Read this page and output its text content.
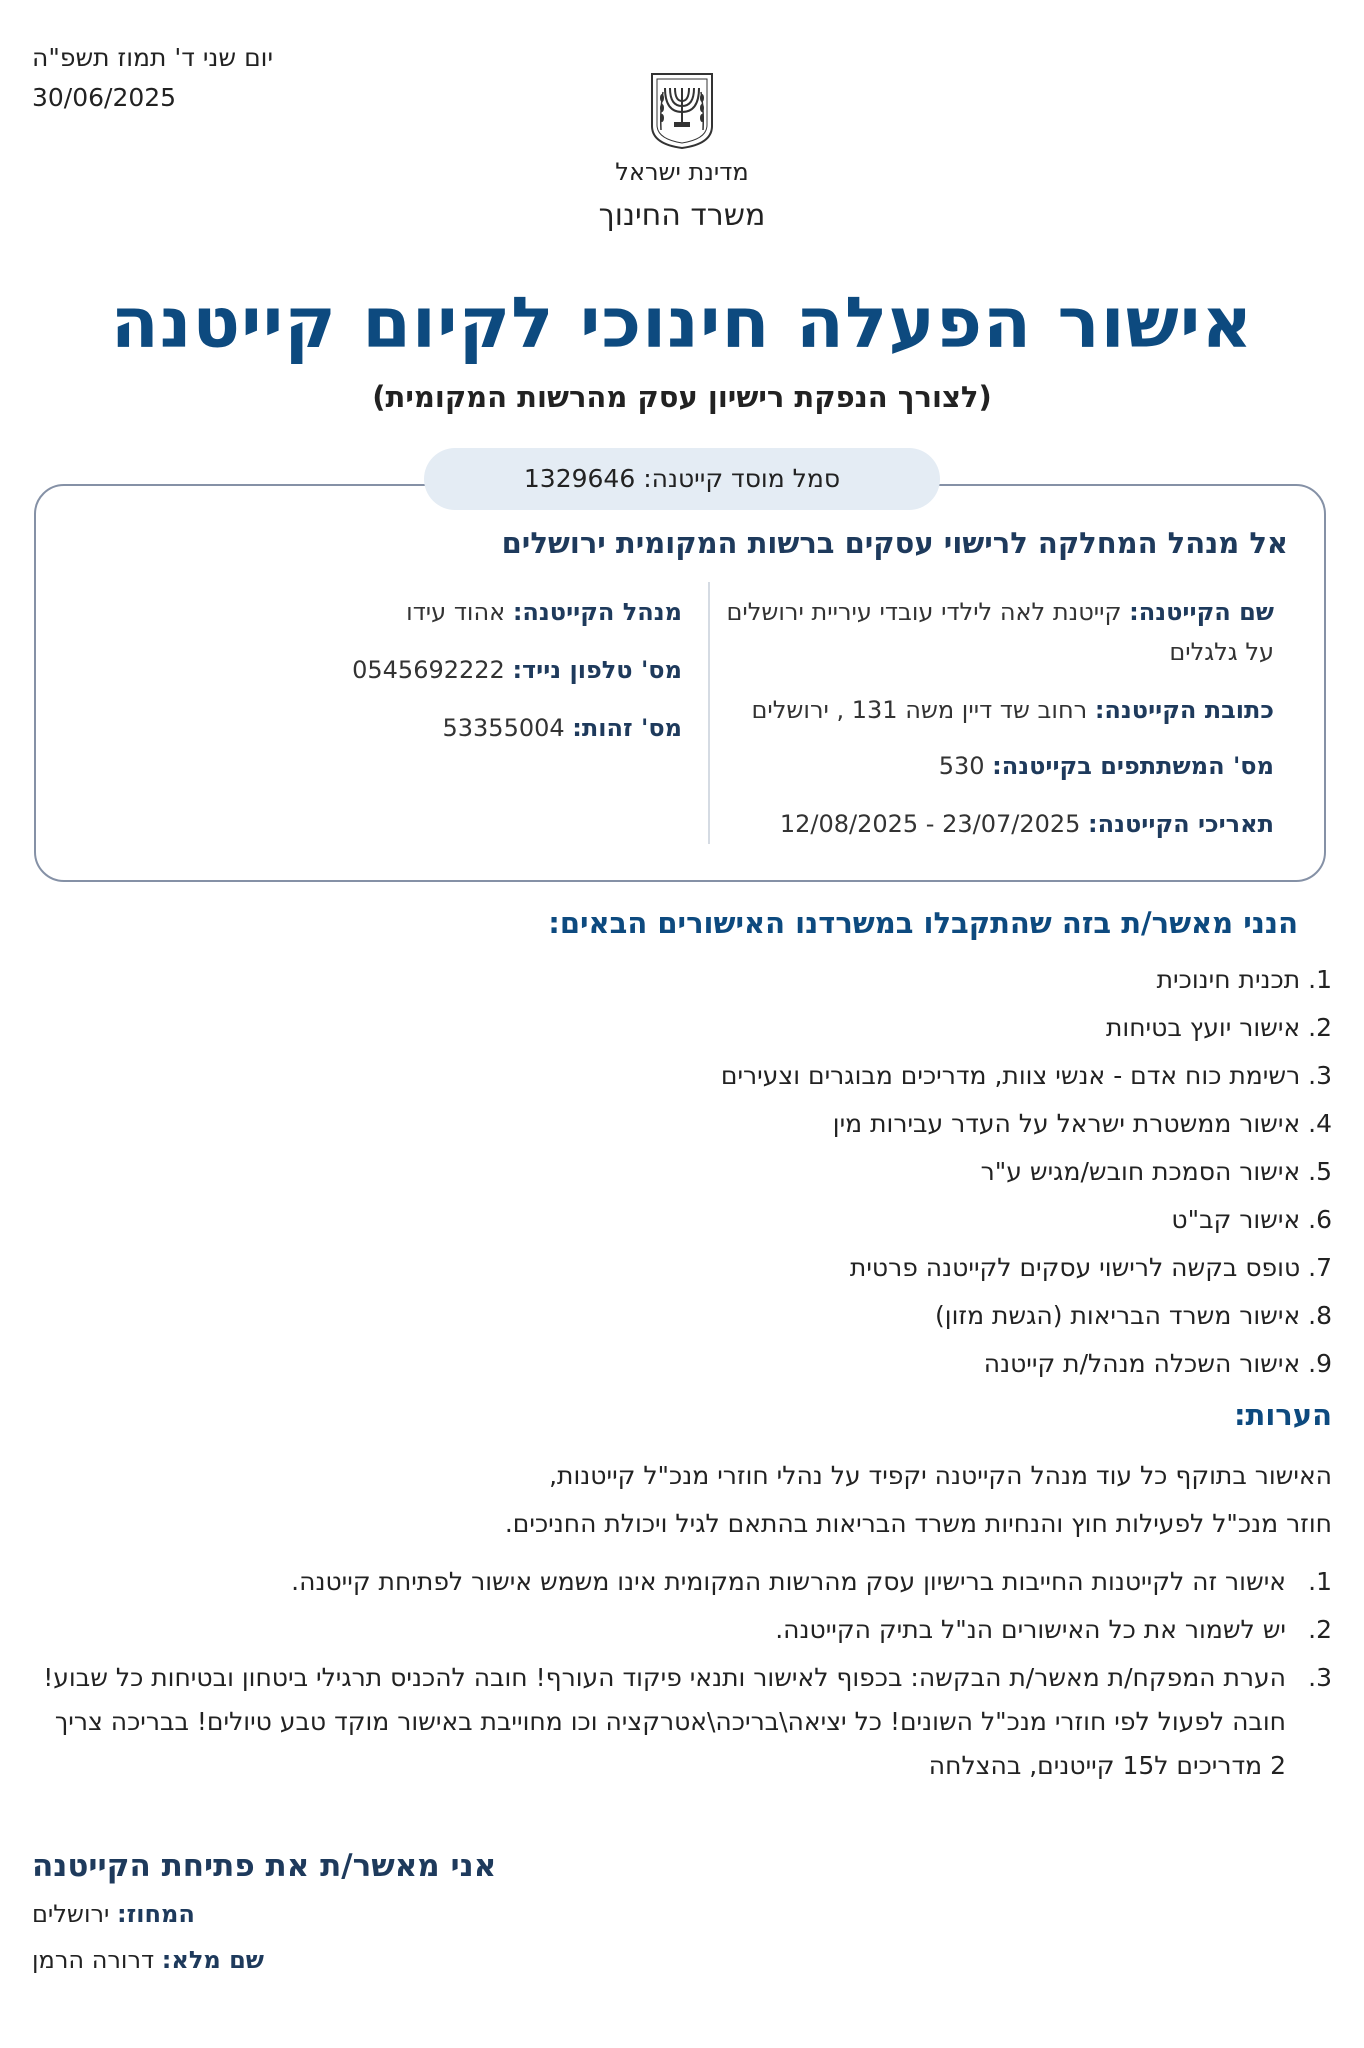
יום שני ד' תמוז תשפ"ה
30/06/2025
מדינת ישראל
משרד החינוך
אישור הפעלה חינוכי לקיום קייטנה
(לצורך הנפקת רישיון עסק מהרשות המקומית)
סמל מוסד קייטנה: 1329646
אל מנהל המחלקה לרישוי עסקים ברשות המקומית ירושלים
שם הקייטנה: קייטנת לאה לילדי עובדי עיריית ירושלים על גלגלים
כתובת הקייטנה: רחוב שד דיין משה 131 , ירושלים
מס' המשתתפים בקייטנה: 530
תאריכי הקייטנה: 23/07/2025 - 12/08/2025
מנהל הקייטנה: אהוד עידו
מס' טלפון נייד: 0545692222
מס' זהות: 53355004
הנני מאשר/ת בזה שהתקבלו במשרדנו האישורים הבאים:
1. תכנית חינוכית
2. אישור יועץ בטיחות
3. רשימת כוח אדם - אנשי צוות, מדריכים מבוגרים וצעירים
4. אישור ממשטרת ישראל על העדר עבירות מין
5. אישור הסמכת חובש/מגיש ע"ר
6. אישור קב"ט
7. טופס בקשה לרישוי עסקים לקייטנה פרטית
8. אישור משרד הבריאות (הגשת מזון)
9. אישור השכלה מנהל/ת קייטנה
הערות:
האישור בתוקף כל עוד מנהל הקייטנה יקפיד על נהלי חוזרי מנכ"ל קייטנות,
חוזר מנכ"ל לפעילות חוץ והנחיות משרד הבריאות בהתאם לגיל ויכולת החניכים.
1.
אישור זה לקייטנות החייבות ברישיון עסק מהרשות המקומית אינו משמש אישור לפתיחת קייטנה.
2.
יש לשמור את כל האישורים הנ"ל בתיק הקייטנה.
3.
הערת המפקח/ת מאשר/ת הבקשה: בכפוף לאישור ותנאי פיקוד העורף! חובה להכניס תרגילי ביטחון ובטיחות כל שבוע! חובה לפעול לפי חוזרי מנכ"ל השונים! כל יציאה\בריכה\אטרקציה וכו מחוייבת באישור מוקד טבע טיולים! בבריכה צריך 2 מדריכים ל15 קייטנים, בהצלחה
אני מאשר/ת את פתיחת הקייטנה
המחוז: ירושלים
שם מלא: דרורה הרמן
